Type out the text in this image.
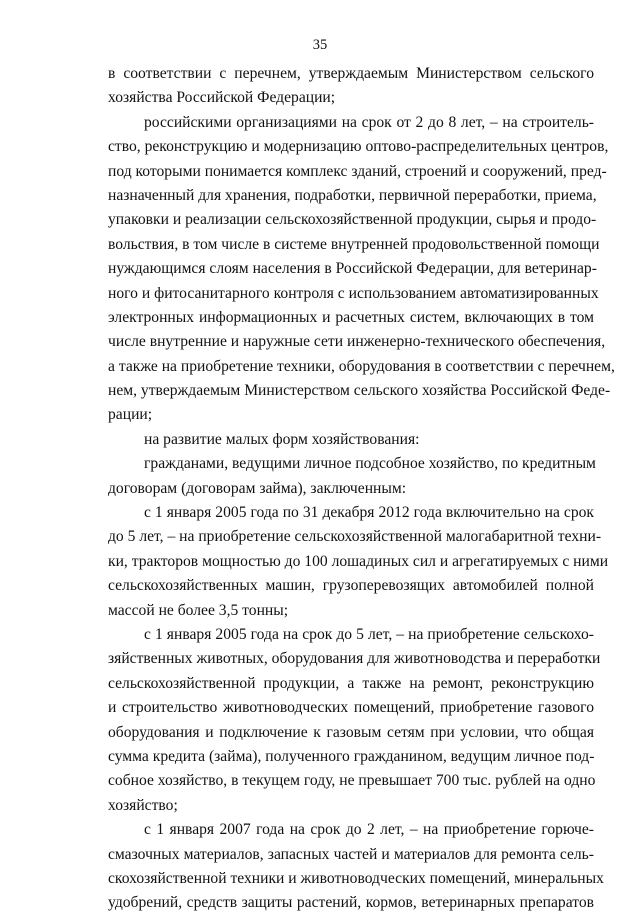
35
в соответствии с перечнем, утверждаемым Министерством сельского
хозяйства Российской Федерации;
российскими организациями на срок от 2 до 8 лет, – на строитель-
ство, реконструкцию и модернизацию оптово-распределительных центров,
под которыми понимается комплекс зданий, строений и сооружений, пред-
назначенный для хранения, подработки, первичной переработки, приема,
упаковки и реализации сельскохозяйственной продукции, сырья и продо-
вольствия, в том числе в системе внутренней продовольственной помощи
нуждающимся слоям населения в Российской Федерации, для ветеринар-
ного и фитосанитарного контроля с использованием автоматизированных
электронных информационных и расчетных систем, включающих в том
числе внутренние и наружные сети инженерно-технического обеспечения,
а также на приобретение техники, оборудования в соответствии с перечнем,
нем, утверждаемым Министерством сельского хозяйства Российской Феде-
рации;
на развитие малых форм хозяйствования:
гражданами, ведущими личное подсобное хозяйство, по кредитным
договорам (договорам займа), заключенным:
с 1 января 2005 года по 31 декабря 2012 года включительно на срок
до 5 лет, – на приобретение сельскохозяйственной малогабаритной техни-
ки, тракторов мощностью до 100 лошадиных сил и агрегатируемых с ними
сельскохозяйственных машин, грузоперевозящих автомобилей полной
массой не более 3,5 тонны;
с 1 января 2005 года на срок до 5 лет, – на приобретение сельскохо-
зяйственных животных, оборудования для животноводства и переработки
сельскохозяйственной продукции, а также на ремонт, реконструкцию
и строительство животноводческих помещений, приобретение газового
оборудования и подключение к газовым сетям при условии, что общая
сумма кредита (займа), полученного гражданином, ведущим личное под-
собное хозяйство, в текущем году, не превышает 700 тыс. рублей на одно
хозяйство;
с 1 января 2007 года на срок до 2 лет, – на приобретение горюче-
смазочных материалов, запасных частей и материалов для ремонта сель-
скохозяйственной техники и животноводческих помещений, минеральных
удобрений, средств защиты растений, кормов, ветеринарных препаратов
